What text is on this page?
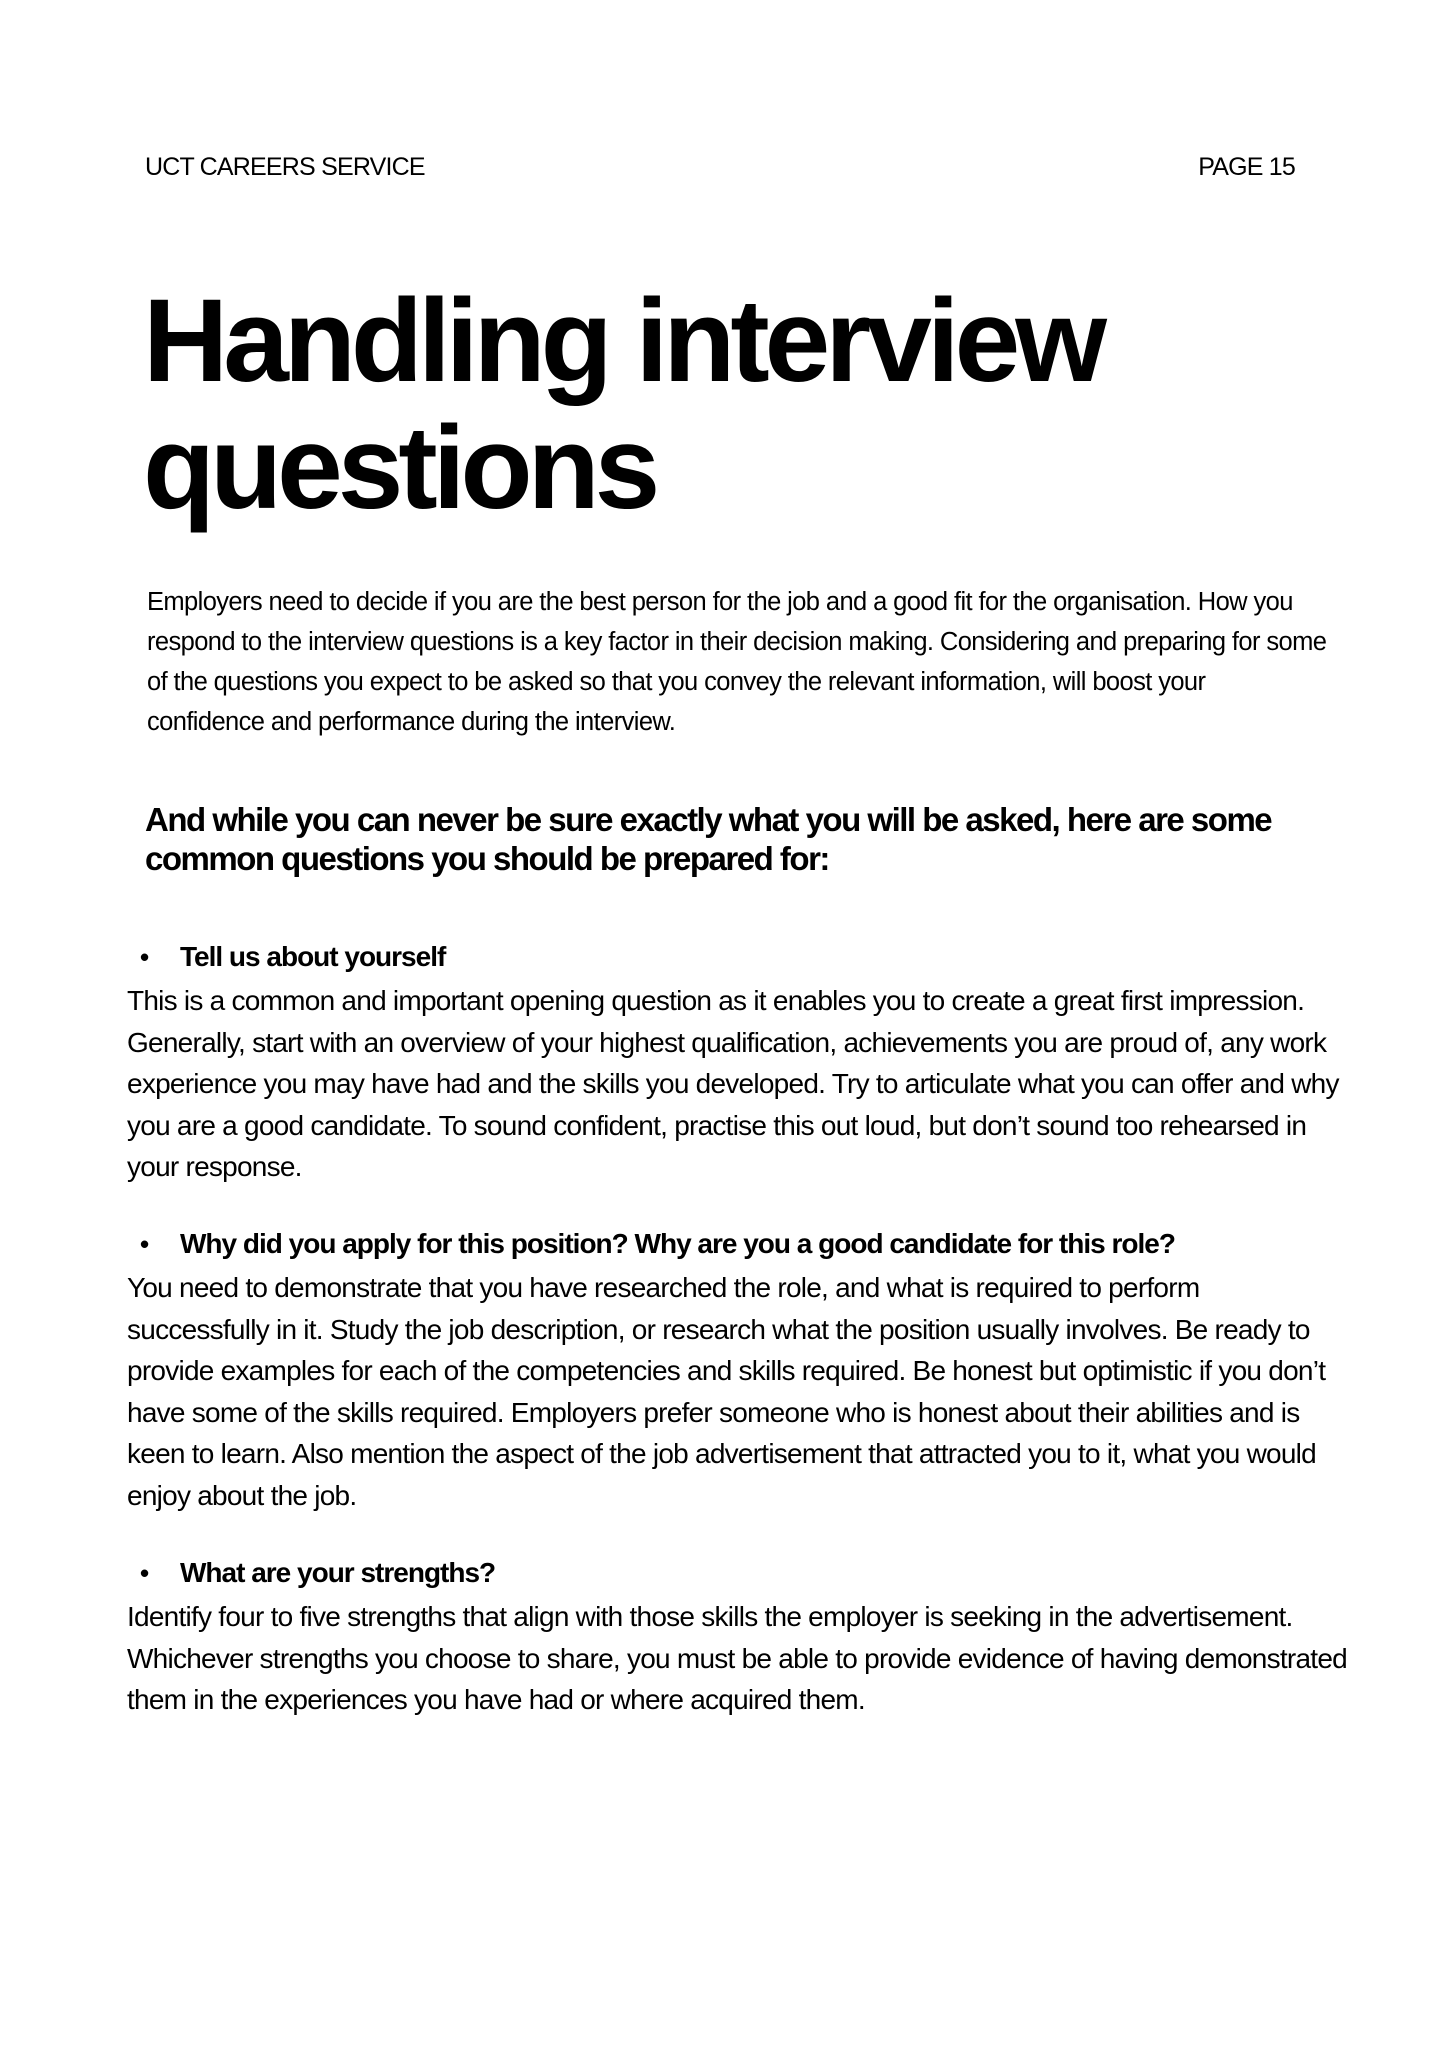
UCT CAREERS SERVICE	PAGE 15
Handling interview questions

Employers need to decide if you are the best person for the job and a good fit for the organisation. How you respond to the interview questions is a key factor in their decision making. Considering and preparing for some of the questions you expect to be asked so that you convey the relevant information, will boost your confidence and performance during the interview.

And while you can never be sure exactly what you will be asked, here are some common questions you should be prepared for:

•	Tell us about yourself

This is a common and important opening question as it enables you to create a great first impression. Generally, start with an overview of your highest qualification, achievements you are proud of, any work experience you may have had and the skills you developed. Try to articulate what you can offer and why you are a good candidate. To sound confident, practise this out loud, but don’t sound too rehearsed in your response.

•	Why did you apply for this position? Why are you a good candidate for this role?

You need to demonstrate that you have researched the role, and what is required to perform successfully in it. Study the job description, or research what the position usually involves. Be ready to provide examples for each of the competencies and skills required. Be honest but optimistic if you don’t have some of the skills required. Employers prefer someone who is honest about their abilities and is keen to learn. Also mention the aspect of the job advertisement that attracted you to it, what you would enjoy about the job.

•	What are your strengths?

Identify four to five strengths that align with those skills the employer is seeking in the advertisement. Whichever strengths you choose to share, you must be able to provide evidence of having demonstrated them in the experiences you have had or where acquired them.
